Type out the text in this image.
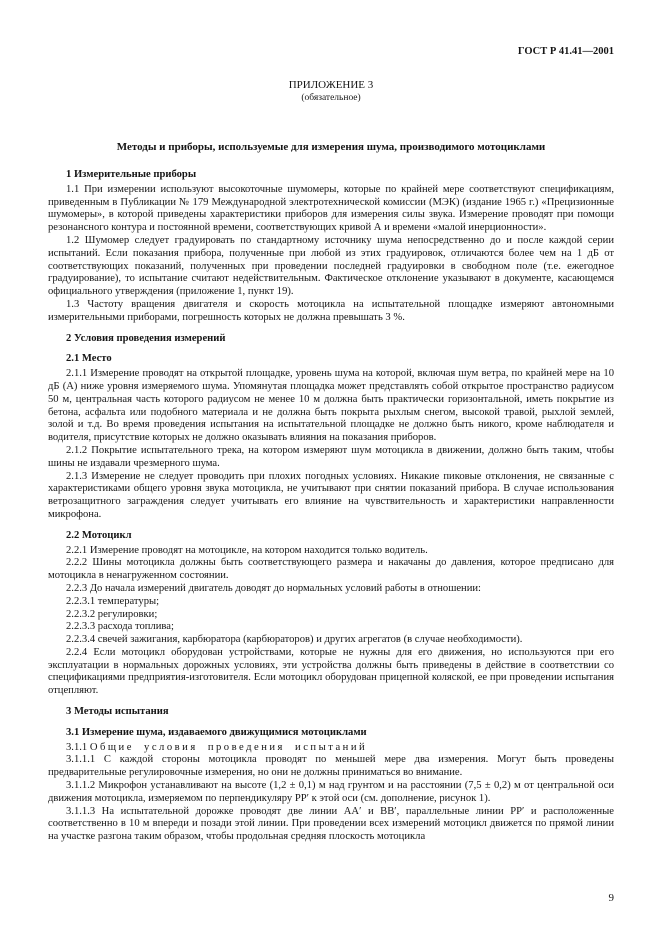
ГОСТ Р 41.41—2001
ПРИЛОЖЕНИЕ 3
(обязательное)
Методы и приборы, используемые для измерения шума, производимого мотоциклами

1 Измерительные приборы

1.1 При измерении используют высокоточные шумомеры, которые по крайней мере соответствуют спецификациям, приведенным в Публикации № 179 Международной электротехнической комиссии (МЭК) (издание 1965 г.) «Прецизионные шумомеры», в которой приведены характеристики приборов для измерения силы звука. Измерение проводят при помощи резонансного контура и постоянной времени, соответствующих кривой А и времени «малой инерционности».

1.2 Шумомер следует градуировать по стандартному источнику шума непосредственно до и после каждой серии испытаний. Если показания прибора, полученные при любой из этих градуировок, отличаются более чем на 1 дБ от соответствующих показаний, полученных при проведении последней градуировки в свободном поле (т.е. ежегодное градуирование), то испытание считают недействительным. Фактическое отклонение указывают в документе, касающемся официального утверждения (приложение 1, пункт 19).

1.3 Частоту вращения двигателя и скорость мотоцикла на испытательной площадке измеряют автономными измерительными приборами, погрешность которых не должна превышать 3 %.

2 Условия проведения измерений

2.1 Место

2.1.1 Измерение проводят на открытой площадке, уровень шума на которой, включая шум ветра, по крайней мере на 10 дБ (А) ниже уровня измеряемого шума. Упомянутая площадка может представлять собой открытое пространство радиусом 50 м, центральная часть которого радиусом не менее 10 м должна быть практически горизонтальной, иметь покрытие из бетона, асфальта или подобного материала и не должна быть покрыта рыхлым снегом, высокой травой, рыхлой землей, золой и т.д. Во время проведения испытания на испытательной площадке не должно быть никого, кроме наблюдателя и водителя, присутствие которых не должно оказывать влияния на показания приборов.

2.1.2 Покрытие испытательного трека, на котором измеряют шум мотоцикла в движении, должно быть таким, чтобы шины не издавали чрезмерного шума.

2.1.3 Измерение не следует проводить при плохих погодных условиях. Никакие пиковые отклонения, не связанные с характеристиками общего уровня звука мотоцикла, не учитывают при снятии показаний прибора. В случае использования ветрозащитного заграждения следует учитывать его влияние на чувствительность и характеристики направленности микрофона.

2.2 Мотоцикл

2.2.1 Измерение проводят на мотоцикле, на котором находится только водитель.

2.2.2 Шины мотоцикла должны быть соответствующего размера и накачаны до давления, которое предписано для мотоцикла в ненагруженном состоянии.

2.2.3 До начала измерений двигатель доводят до нормальных условий работы в отношении:

2.2.3.1 температуры;

2.2.3.2 регулировки;

2.2.3.3 расхода топлива;

2.2.3.4 свечей зажигания, карбюратора (карбюраторов) и других агрегатов (в случае необходимости).

2.2.4 Если мотоцикл оборудован устройствами, которые не нужны для его движения, но используются при его эксплуатации в нормальных дорожных условиях, эти устройства должны быть приведены в действие в соответствии со спецификациями предприятия-изготовителя. Если мотоцикл оборудован прицепной коляской, ее при проведении испытания отцепляют.

3 Методы испытания

3.1 Измерение шума, издаваемого движущимися мотоциклами

3.1.1 Общие условия проведения испытаний

3.1.1.1 С каждой стороны мотоцикла проводят по меньшей мере два измерения. Могут быть проведены предварительные регулировочные измерения, но они не должны приниматься во внимание.

3.1.1.2 Микрофон устанавливают на высоте (1,2 ± 0,1) м над грунтом и на расстоянии (7,5 ± 0,2) м от центральной оси движения мотоцикла, измеряемом по перпендикуляру PP′ к этой оси (см. дополнение, рисунок 1).

3.1.1.3 На испытательной дорожке проводят две линии AA′ и BB′, параллельные линии PP′ и расположенные соответственно в 10 м впереди и позади этой линии. При проведении всех измерений мотоцикл движется по прямой линии на участке разгона таким образом, чтобы продольная средняя плоскость мотоцикла

9
